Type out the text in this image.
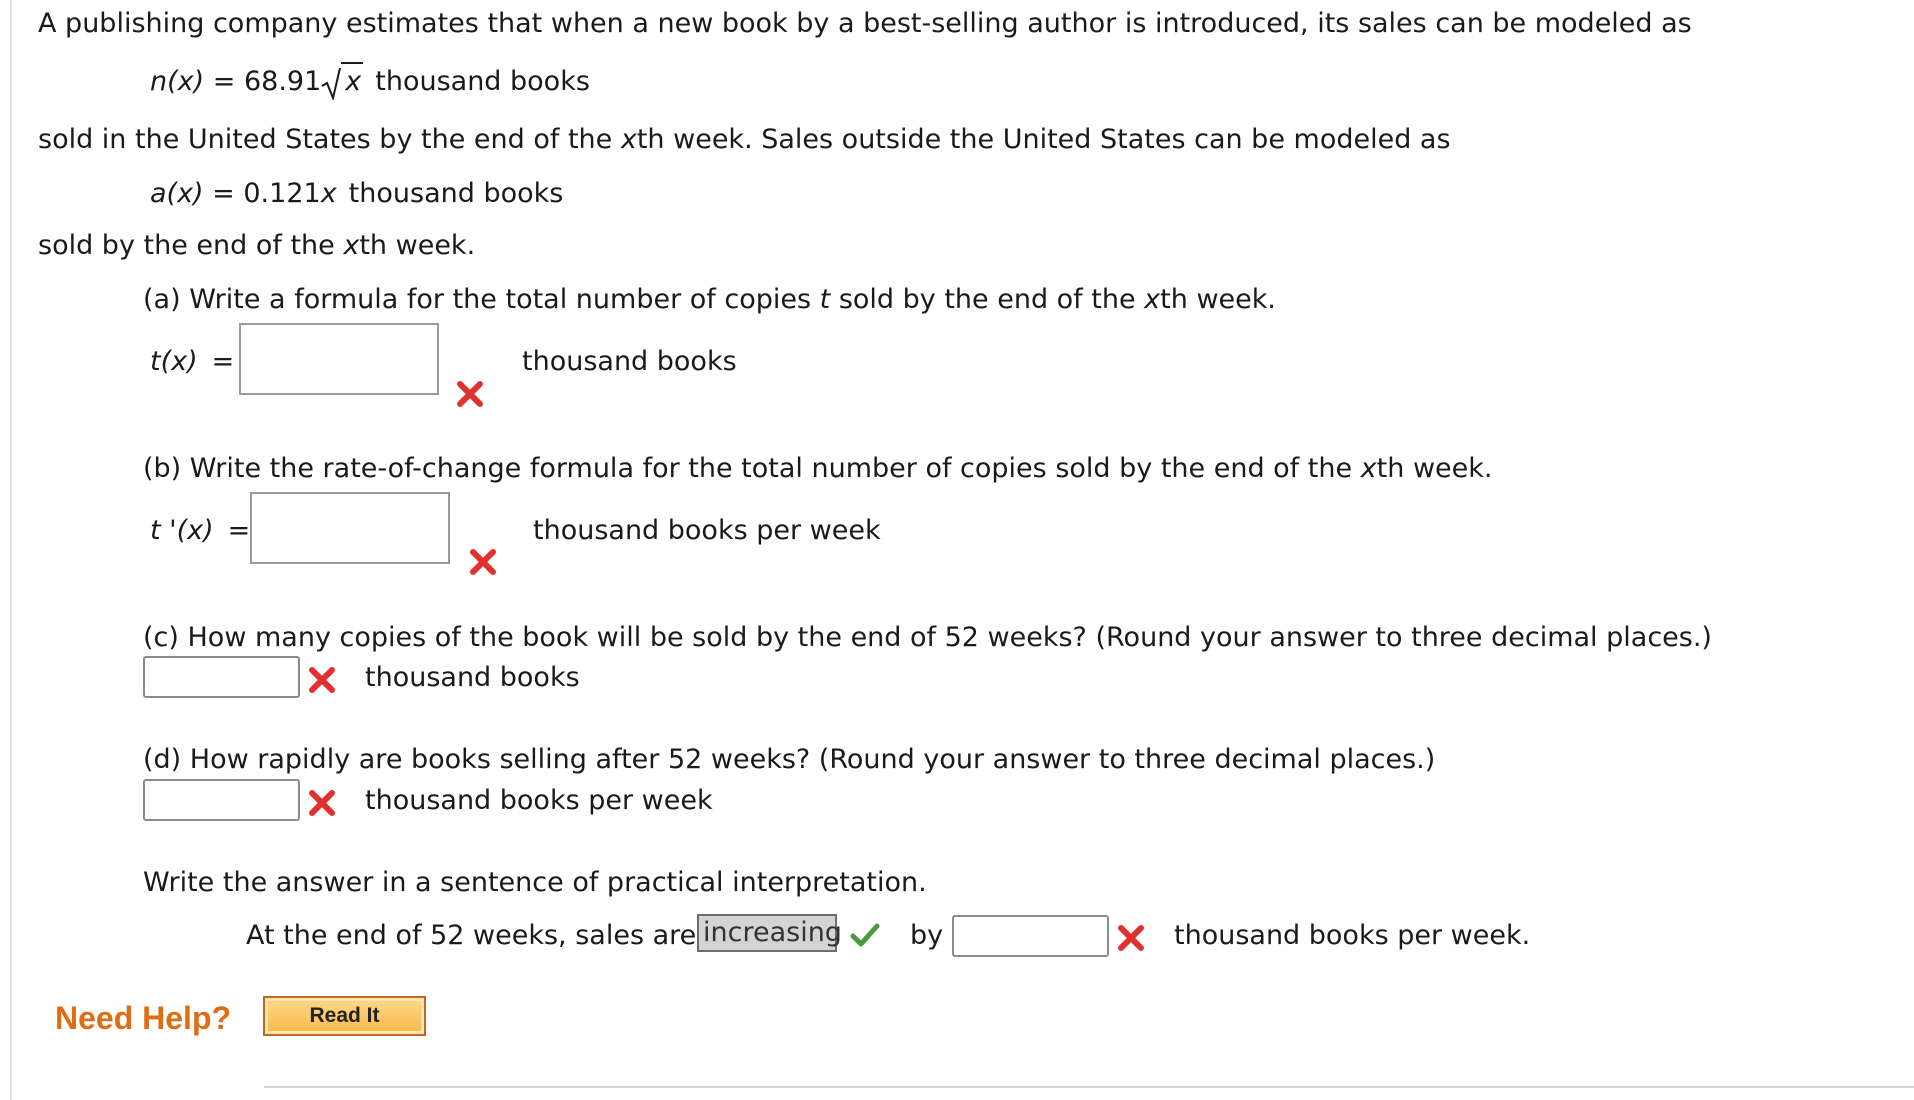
A publishing company estimates that when a new book by a best-selling author is introduced, its sales can be modeled as
n(x) = 68.91 x thousand books
sold in the United States by the end of the xth week. Sales outside the United States can be modeled as
a(x) = 0.121x thousand books
sold by the end of the xth week.
(a) Write a formula for the total number of copies t sold by the end of the xth week.
t(x) =	thousand books
(b) Write the rate-of-change formula for the total number of copies sold by the end of the xth week.
t '(x) =	thousand books per week
(c) How many copies of the book will be sold by the end of 52 weeks? (Round your answer to three decimal places.)
thousand books
(d) How rapidly are books selling after 52 weeks? (Round your answer to three decimal places.)
thousand books per week
Write the answer in a sentence of practical interpretation.
At the end of 52 weeks, sales are increasing	by	thousand books per week.
Need Help?	Read It
